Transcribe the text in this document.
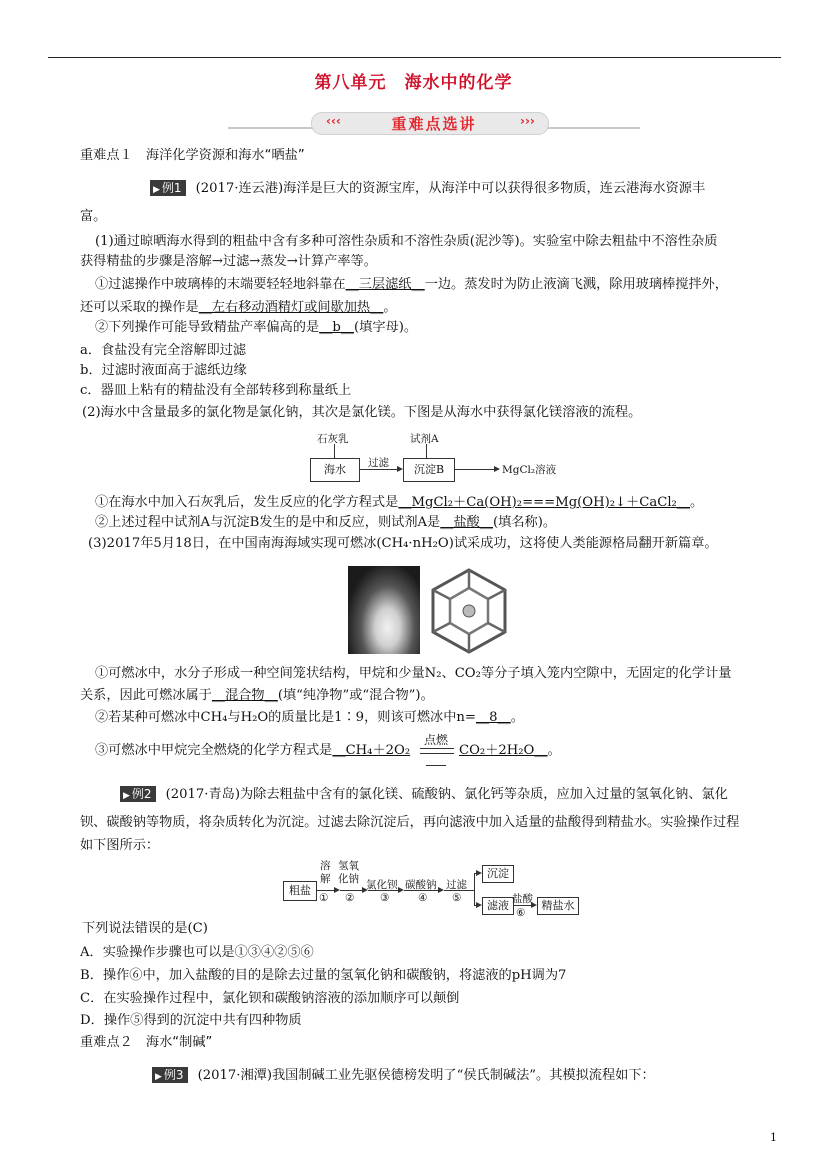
第八单元　海水中的化学
‹‹‹	›››
重难点选讲
重难点１　海洋化学资源和海水“晒盐”
▶ 例1 (2017·连云港)海洋是巨大的资源宝库，从海洋中可以获得很多物质，连云港海水资源丰
富。
(1)通过晾晒海水得到的粗盐中含有多种可溶性杂质和不溶性杂质(泥沙等)。实验室中除去粗盐中不溶性杂质
获得精盐的步骤是溶解→过滤→蒸发→计算产率等。
①过滤操作中玻璃棒的末端要轻轻地斜靠在__三层滤纸__一边。蒸发时为防止液滴飞溅，除用玻璃棒搅拌外，
还可以采取的操作是__左右移动酒精灯或间歇加热__。
②下列操作可能导致精盐产率偏高的是__b__(填字母)。
a．食盐没有完全溶解即过滤
b．过滤时液面高于滤纸边缘
c．器皿上粘有的精盐没有全部转移到称量纸上
(2)海水中含量最多的氯化物是氯化钠，其次是氯化镁。下图是从海水中获得氯化镁溶液的流程。
石灰乳	试剂A
海水	过滤	沉淀B	MgCl₂溶液
①在海水中加入石灰乳后，发生反应的化学方程式是__MgCl₂＋Ca(OH)₂===Mg(OH)₂↓＋CaCl₂__。
②上述过程中试剂A与沉淀B发生的是中和反应，则试剂A是__盐酸__(填名称)。
(3)2017年5月18日，在中国南海海域实现可燃冰(CH₄·nH₂O)试采成功，这将使人类能源格局翻开新篇章。
①可燃冰中，水分子形成一种空间笼状结构，甲烷和少量N₂、CO₂等分子填入笼内空隙中，无固定的化学计量
关系，因此可燃冰属于__混合物__(填“纯净物”或“混合物”)。
②若某种可燃冰中CH₄与H₂O的质量比是1∶9，则该可燃冰中n=__8__。
③可燃冰中甲烷完全燃烧的化学方程式是__CH₄＋2O₂
点燃
CO₂＋2H₂O__。
▶ 例2 (2017·青岛)为除去粗盐中含有的氯化镁、硫酸钠、氯化钙等杂质，应加入过量的氢氧化钠、氯化
钡、碳酸钠等物质，将杂质转化为沉淀。过滤去除沉淀后，再向滤液中加入适量的盐酸得到精盐水。实验操作过程
如下图所示：
粗盐
溶
解
①
氢氧
化钠
②
氯化钡
③
碳酸钠
④
过滤
⑤
沉淀
滤液 盐酸
⑥
精盐水
下列说法错误的是(C)
A．实验操作步骤也可以是①③④②⑤⑥
B．操作⑥中，加入盐酸的目的是除去过量的氢氧化钠和碳酸钠，将滤液的pH调为7
C．在实验操作过程中，氯化钡和碳酸钠溶液的添加顺序可以颠倒
D．操作⑤得到的沉淀中共有四种物质
重难点２　海水“制碱”
▶ 例3 (2017·湘潭)我国制碱工业先驱侯德榜发明了“侯氏制碱法”。其模拟流程如下：
1
